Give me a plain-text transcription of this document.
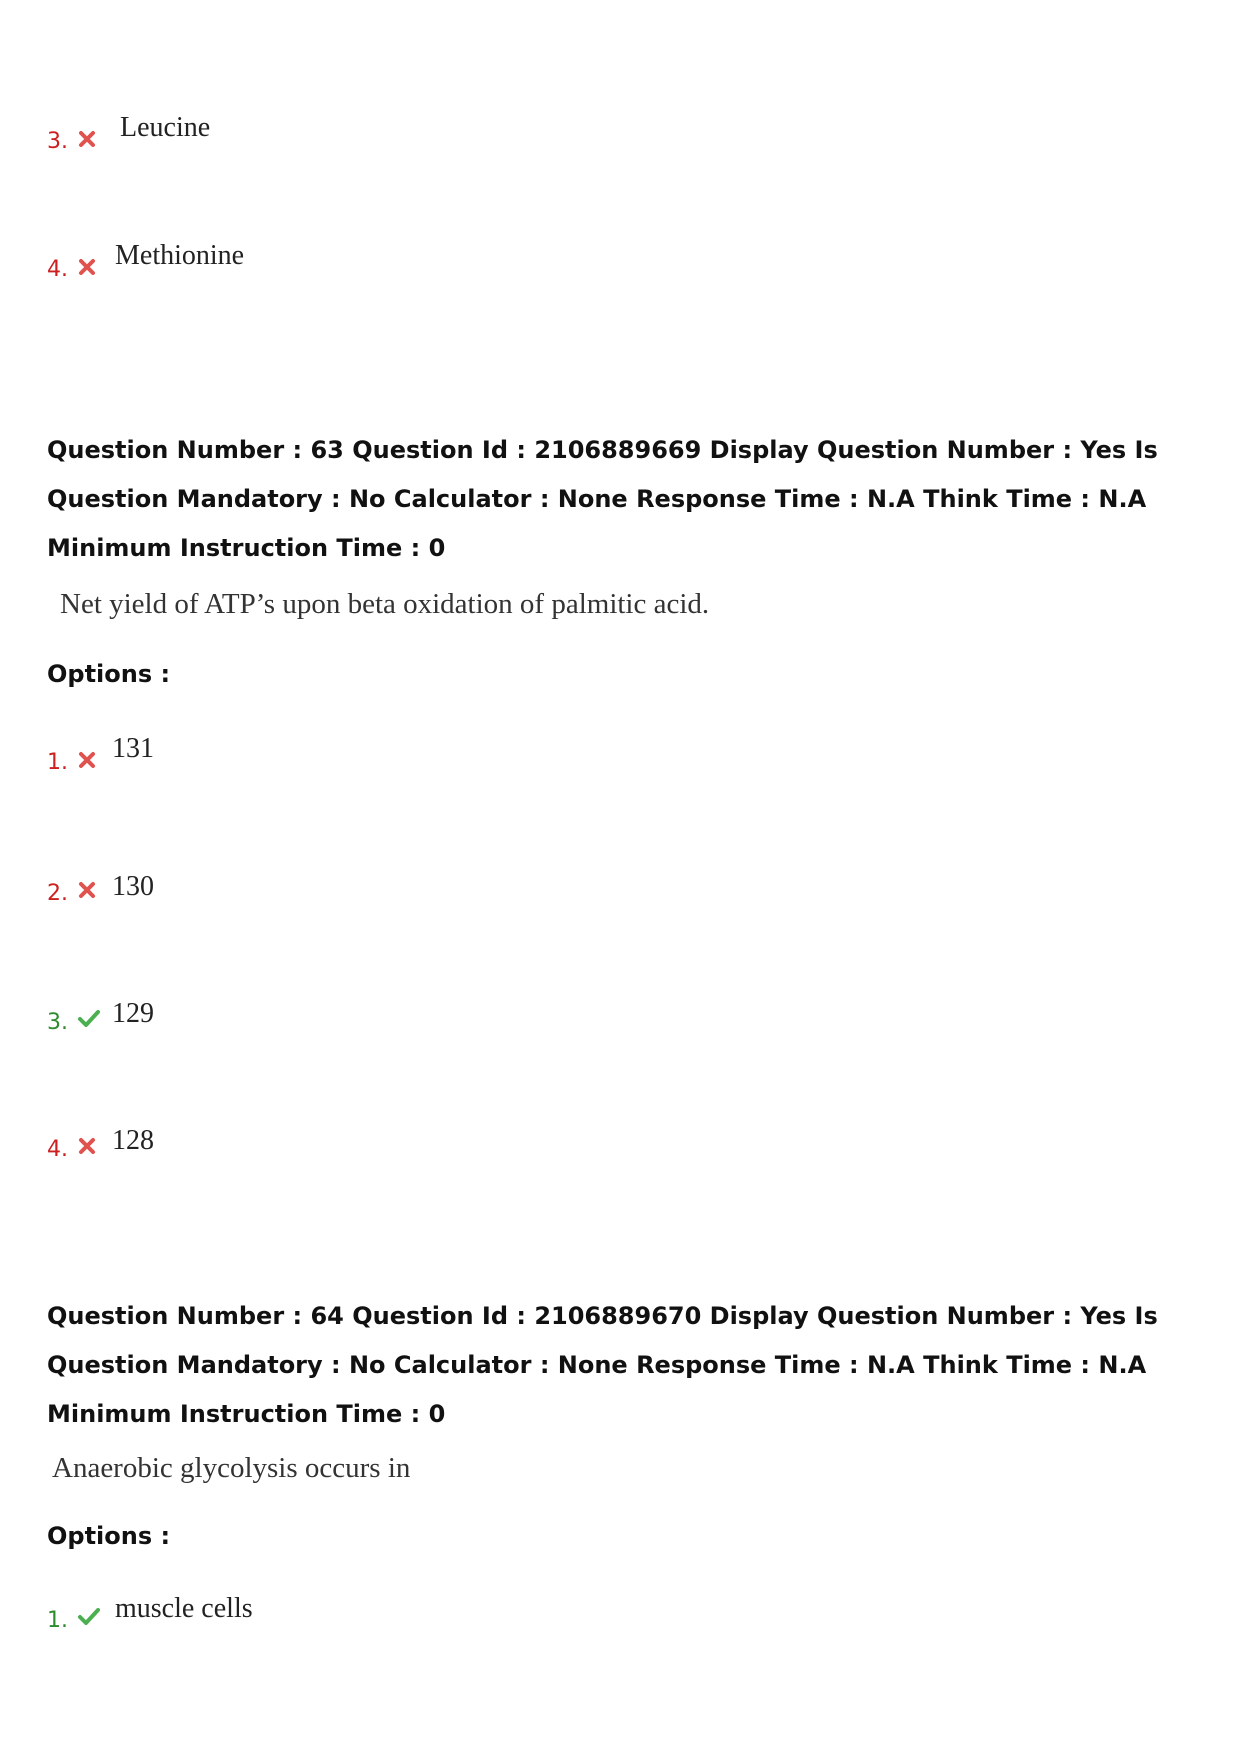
3. Leucine
4. Methionine
Question Number : 63 Question Id : 2106889669 Display Question Number : Yes Is Question Mandatory : No Calculator : None Response Time : N.A Think Time : N.A Minimum Instruction Time : 0
Net yield of ATP’s upon beta oxidation of palmitic acid.
Options :
1. 131
2. 130
3. 129
4. 128
Question Number : 64 Question Id : 2106889670 Display Question Number : Yes Is Question Mandatory : No Calculator : None Response Time : N.A Think Time : N.A Minimum Instruction Time : 0
Anaerobic glycolysis occurs in
Options :
1. muscle cells
